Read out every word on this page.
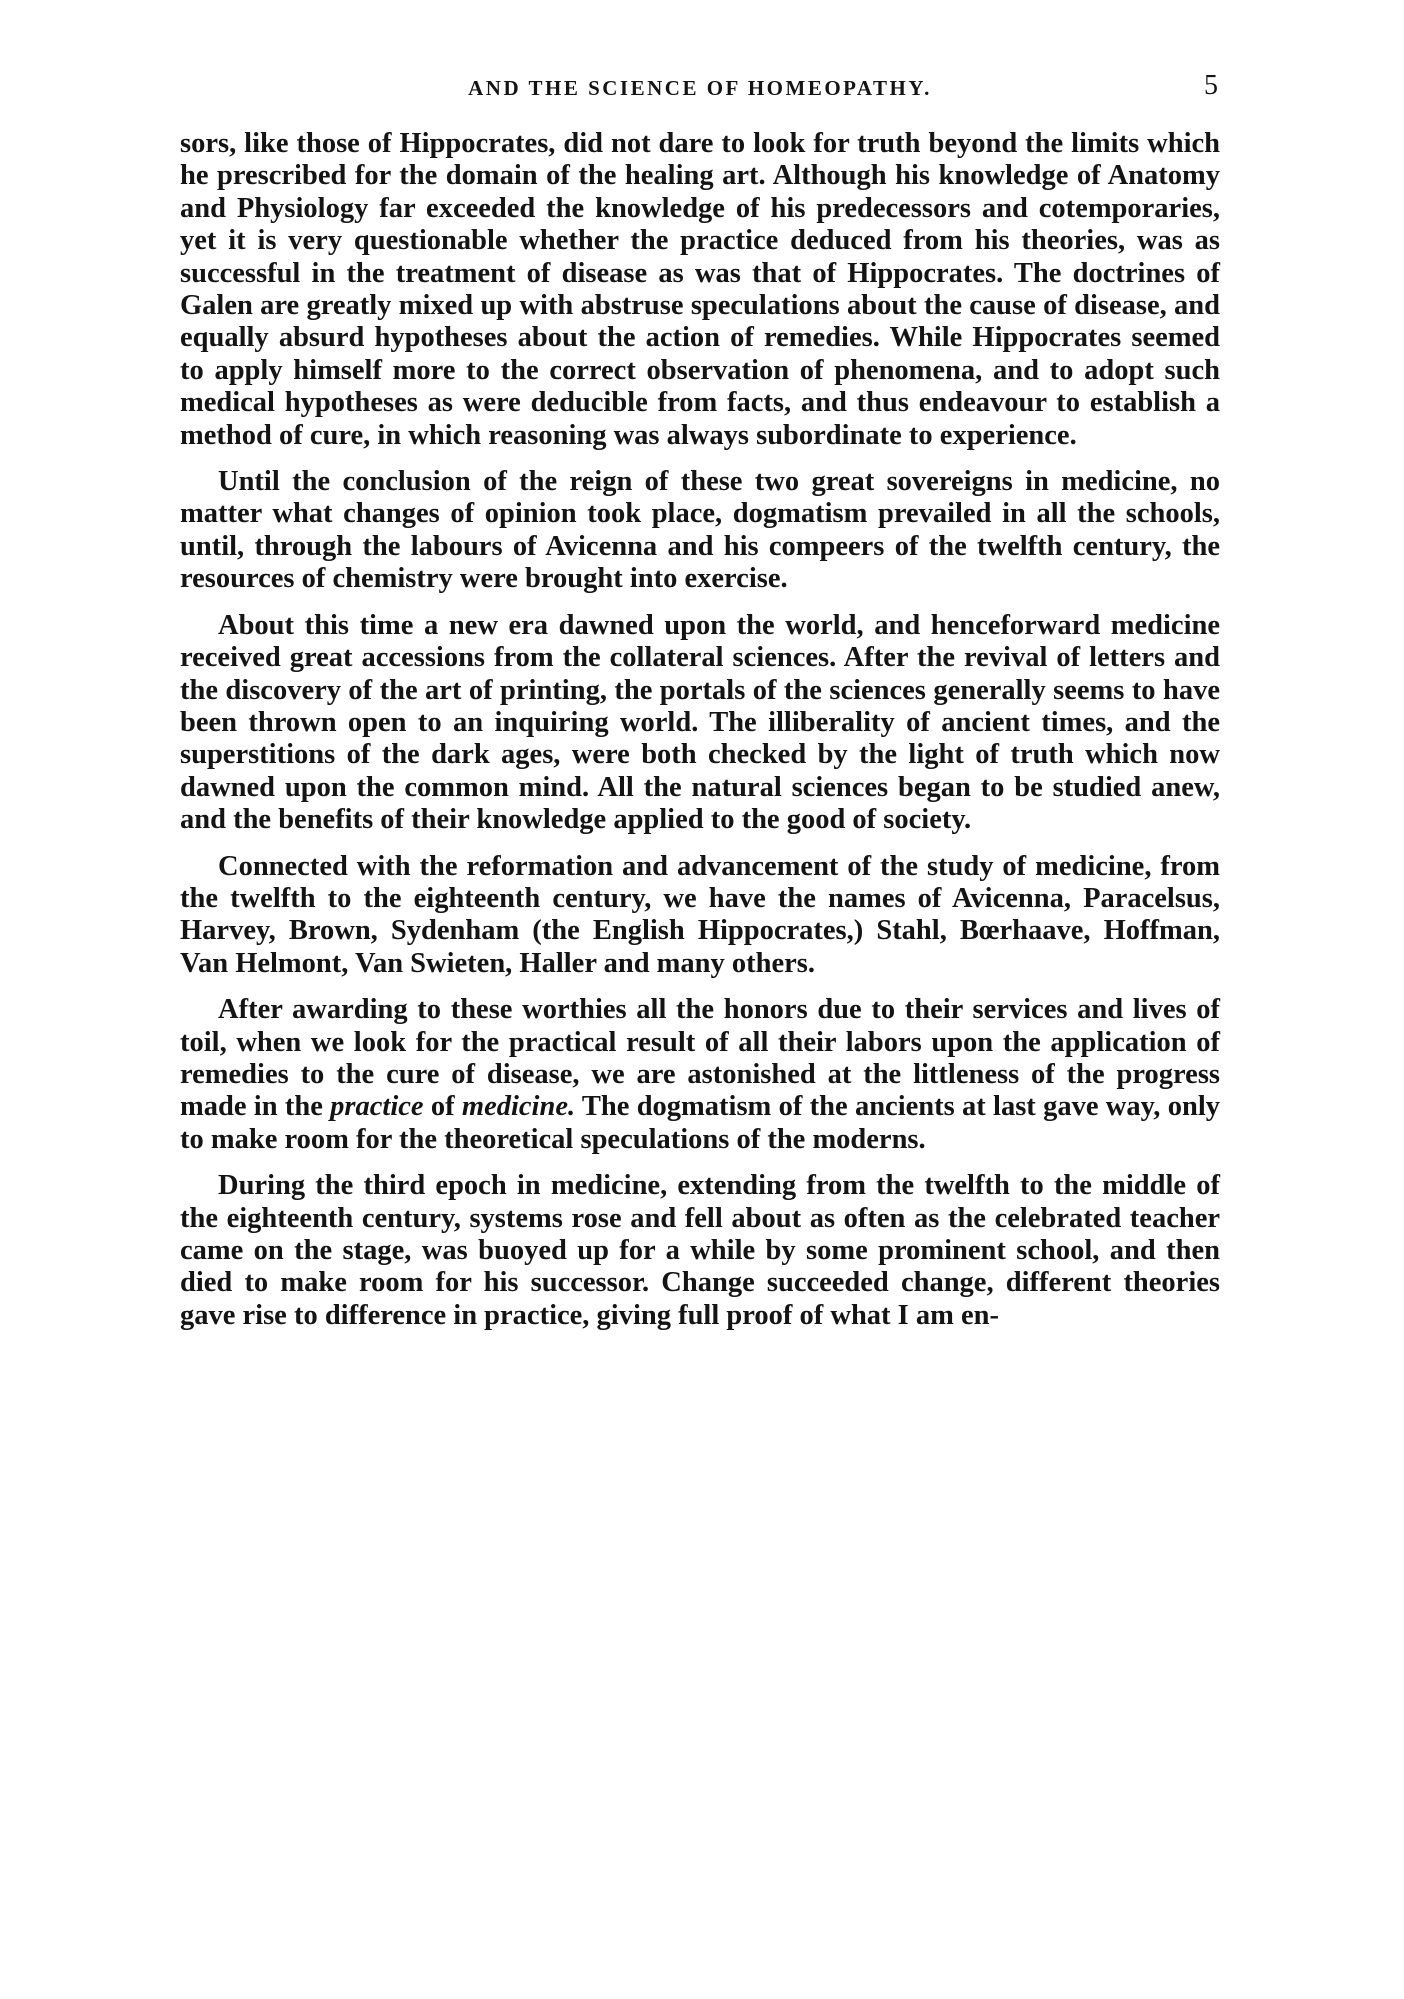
AND THE SCIENCE OF HOMEOPATHY.	5

sors, like those of Hippocrates, did not dare to look for truth beyond the limits which he prescribed for the domain of the healing art. Although his knowledge of Anatomy and Physiology far exceeded the knowledge of his predecessors and cotemporaries, yet it is very questionable whether the practice deduced from his theories, was as successful in the treatment of disease as was that of Hippocrates. The doctrines of Galen are greatly mixed up with abstruse speculations about the cause of disease, and equally absurd hypotheses about the action of remedies. While Hippocrates seemed to apply himself more to the correct observation of phenomena, and to adopt such medical hypotheses as were deducible from facts, and thus endeavour to establish a method of cure, in which reasoning was always subordinate to experience.

Until the conclusion of the reign of these two great sovereigns in medicine, no matter what changes of opinion took place, dogmatism prevailed in all the schools, until, through the labours of Avicenna and his compeers of the twelfth century, the resources of chemistry were brought into exercise.

About this time a new era dawned upon the world, and henceforward medicine received great accessions from the collateral sciences. After the revival of letters and the discovery of the art of printing, the portals of the sciences generally seems to have been thrown open to an inquiring world. The illiberality of ancient times, and the superstitions of the dark ages, were both checked by the light of truth which now dawned upon the common mind. All the natural sciences began to be studied anew, and the benefits of their knowledge applied to the good of society.

Connected with the reformation and advancement of the study of medicine, from the twelfth to the eighteenth century, we have the names of Avicenna, Paracelsus, Harvey, Brown, Sydenham (the English Hippocrates,) Stahl, Bœrhaave, Hoffman, Van Helmont, Van Swieten, Haller and many others.

After awarding to these worthies all the honors due to their services and lives of toil, when we look for the practical result of all their labors upon the application of remedies to the cure of disease, we are astonished at the littleness of the progress made in the practice of medicine. The dogmatism of the ancients at last gave way, only to make room for the theoretical speculations of the moderns.

During the third epoch in medicine, extending from the twelfth to the middle of the eighteenth century, systems rose and fell about as often as the celebrated teacher came on the stage, was buoyed up for a while by some prominent school, and then died to make room for his successor. Change succeeded change, different theories gave rise to difference in practice, giving full proof of what I am en-
